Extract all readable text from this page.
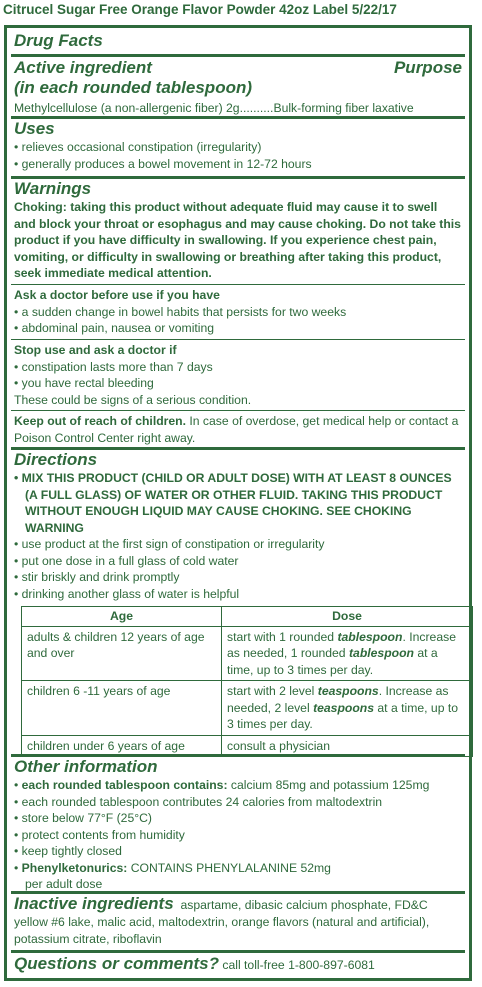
Citrucel Sugar Free Orange Flavor Powder 42oz Label 5/22/17
Drug Facts
Active ingredient	Purpose
(in each rounded tablespoon)
Methylcellulose (a non-allergenic fiber) 2g..........Bulk-forming fiber laxative
Uses
• relieves occasional constipation (irregularity)
• generally produces a bowel movement in 12-72 hours
Warnings
Choking: taking this product without adequate fluid may cause it to swell and block your throat or esophagus and may cause choking. Do not take this product if you have difficulty in swallowing. If you experience chest pain, vomiting, or difficulty in swallowing or breathing after taking this product, seek immediate medical attention.
Ask a doctor before use if you have
• a sudden change in bowel habits that persists for two weeks
• abdominal pain, nausea or vomiting
Stop use and ask a doctor if
• constipation lasts more than 7 days
• you have rectal bleeding
These could be signs of a serious condition.
Keep out of reach of children. In case of overdose, get medical help or contact a Poison Control Center right away.
Directions
• MIX THIS PRODUCT (CHILD OR ADULT DOSE) WITH AT LEAST 8 OUNCES (A FULL GLASS) OF WATER OR OTHER FLUID. TAKING THIS PRODUCT WITHOUT ENOUGH LIQUID MAY CAUSE CHOKING. SEE CHOKING WARNING
• use product at the first sign of constipation or irregularity
• put one dose in a full glass of cold water
• stir briskly and drink promptly
• drinking another glass of water is helpful
Age	Dose
adults & children 12 years of age and over	start with 1 rounded tablespoon. Increase as needed, 1 rounded tablespoon at a time, up to 3 times per day.
children 6 -11 years of age	start with 2 level teaspoons. Increase as needed, 2 level teaspoons at a time, up to 3 times per day.
children under 6 years of age	consult a physician
Other information
• each rounded tablespoon contains: calcium 85mg and potassium 125mg
• each rounded tablespoon contributes 24 calories from maltodextrin
• store below 77°F (25°C)
• protect contents from humidity
• keep tightly closed
• Phenylketonurics: CONTAINS PHENYLALANINE 52mg per adult dose
Inactive ingredients aspartame, dibasic calcium phosphate, FD&C yellow #6 lake, malic acid, maltodextrin, orange flavors (natural and artificial), potassium citrate, riboflavin
Questions or comments? call toll-free 1-800-897-6081
